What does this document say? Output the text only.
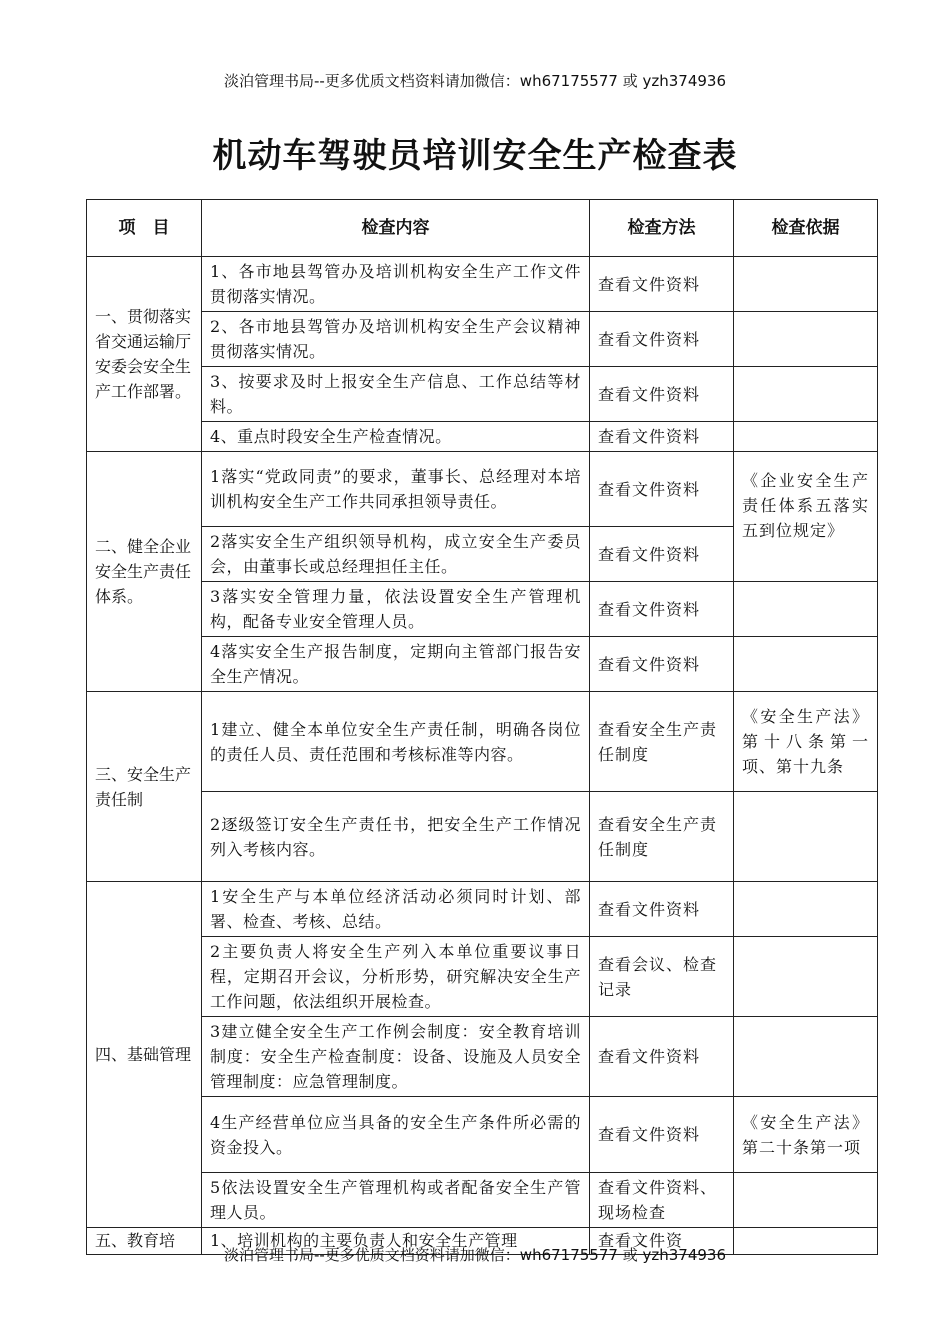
淡泊管理书局--更多优质文档资料请加微信：wh67175577 或 yzh374936
机动车驾驶员培训安全生产检查表
项　目	检查内容	检查方法	检查依据
一、贯彻落实省交通运输厅安委会安全生产工作部署。	1、各市地县驾管办及培训机构安全生产工作文件贯彻落实情况。	查看文件资料	
	2、各市地县驾管办及培训机构安全生产会议精神贯彻落实情况。	查看文件资料	
	3、按要求及时上报安全生产信息、工作总结等材料。	查看文件资料	
	4、重点时段安全生产检查情况。	查看文件资料	
二、健全企业安全生产责任体系。	1落实“党政同责”的要求，董事长、总经理对本培训机构安全生产工作共同承担领导责任。	查看文件资料	《企业安全生产责任体系五落实五到位规定》
	2落实安全生产组织领导机构，成立安全生产委员会，由董事长或总经理担任主任。	查看文件资料	
	3落实安全管理力量，依法设置安全生产管理机构，配备专业安全管理人员。	查看文件资料	
	4落实安全生产报告制度，定期向主管部门报告安全生产情况。	查看文件资料	
三、安全生产责任制	1建立、健全本单位安全生产责任制，明确各岗位的责任人员、责任范围和考核标准等内容。	查看安全生产责任制度	《安全生产法》第十八条第一项、第十九条
	2逐级签订安全生产责任书，把安全生产工作情况列入考核内容。	查看安全生产责任制度	
四、基础管理	1安全生产与本单位经济活动必须同时计划、部署、检查、考核、总结。	查看文件资料	
	2主要负责人将安全生产列入本单位重要议事日程，定期召开会议，分析形势，研究解决安全生产工作问题，依法组织开展检查。	查看会议、检查记录	
	3建立健全安全生产工作例会制度：安全教育培训制度：安全生产检查制度：设备、设施及人员安全管理制度：应急管理制度。	查看文件资料	
	4生产经营单位应当具备的安全生产条件所必需的资金投入。	查看文件资料	《安全生产法》第二十条第一项
	5依法设置安全生产管理机构或者配备安全生产管理人员。	查看文件资料、现场检查	

五、教育培	1、培训机构的主要负责人和安全生产管理	查看文件资	

淡泊管理书局--更多优质文档资料请加微信：wh67175577 或 yzh374936
